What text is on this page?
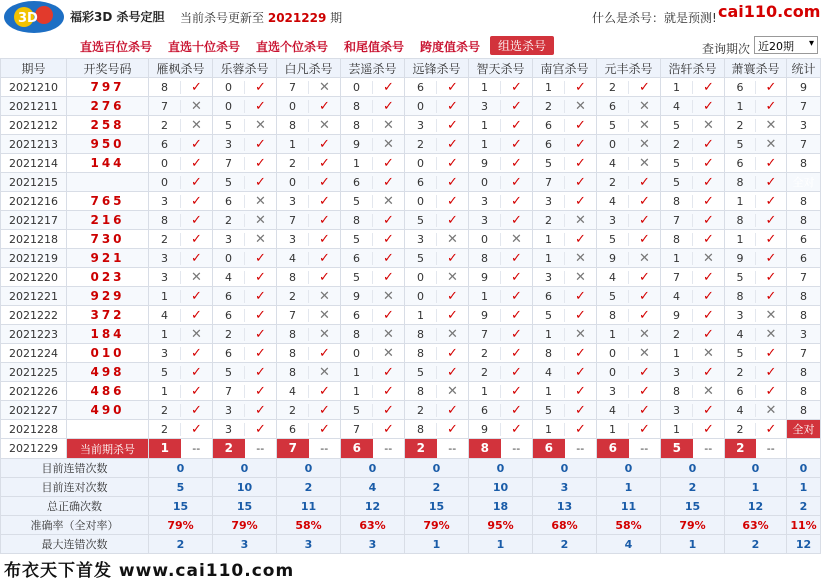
3D	福彩3D 杀号定胆 当前杀号更新至 2021229 期	什么是杀号：就是预测! cai110.com
直选百位杀号 直选十位杀号 直选个位杀号 和尾值杀号 跨度值杀号	组选杀号	查询期次 近20期 ▾
期号	开奖号码	雁枫杀号	乐蓉杀号	白凡杀号	芸遥杀号	远锋杀号	智天杀号	南宫杀号	元丰杀号	浩轩杀号	萧寰杀号	统计
2021210	797	8 ✓	0 ✓	7 ✕	0 ✓	6 ✓	1 ✓	1 ✓	2 ✓	1 ✓	6 ✓	9
2021211	276	7 ✕	0 ✓	0 ✓	8 ✓	0 ✓	3 ✓	2 ✕	6 ✕	4 ✓	1 ✓	7
2021212	258	2 ✕	5 ✕	8 ✕	8 ✕	3 ✓	1 ✓	6 ✓	5 ✕	5 ✕	2 ✕	3
2021213	950	6 ✓	3 ✓	1 ✓	9 ✕	2 ✓	1 ✓	6 ✓	0 ✕	2 ✓	5 ✕	7
2021214	144	0 ✓	7 ✓	2 ✓	1 ✓	0 ✓	9 ✓	5 ✓	4 ✕	5 ✓	6 ✓	8
2021215		0 ✓	5 ✓	0 ✓	6 ✓	6 ✓	0 ✓	7 ✓	2 ✓	5 ✓	8 ✓	全对
2021216	765	3 ✓	6 ✕	3 ✓	5 ✕	0 ✓	3 ✓	3 ✓	4 ✓	8 ✓	1 ✓	8
2021217	216	8 ✓	2 ✕	7 ✓	8 ✓	5 ✓	3 ✓	2 ✕	3 ✓	7 ✓	8 ✓	8
2021218	730	2 ✓	3 ✕	3 ✓	5 ✓	3 ✕	0 ✕	1 ✓	5 ✓	8 ✓	1 ✓	6
2021219	921	3 ✓	0 ✓	4 ✓	6 ✓	5 ✓	8 ✓	1 ✕	9 ✕	1 ✕	9 ✓	6
2021220	023	3 ✕	4 ✓	8 ✓	5 ✓	0 ✕	9 ✓	3 ✕	4 ✓	7 ✓	5 ✓	7
2021221	929	1 ✓	6 ✓	2 ✕	9 ✕	0 ✓	1 ✓	6 ✓	5 ✓	4 ✓	8 ✓	8
2021222	372	4 ✓	6 ✓	7 ✕	6 ✓	1 ✓	9 ✓	5 ✓	8 ✓	9 ✓	3 ✕	8
2021223	184	1 ✕	2 ✓	8 ✕	8 ✕	8 ✕	7 ✓	1 ✕	1 ✕	2 ✓	4 ✕	3
2021224	010	3 ✓	6 ✓	8 ✓	0 ✕	8 ✓	2 ✓	8 ✓	0 ✕	1 ✕	5 ✓	7
2021225	498	5 ✓	5 ✓	8 ✕	1 ✓	5 ✓	2 ✓	4 ✓	0 ✓	3 ✓	2 ✓	8
2021226	486	1 ✓	7 ✓	4 ✓	1 ✓	8 ✕	1 ✓	1 ✓	3 ✓	8 ✕	6 ✓	8
2021227	490	2 ✓	3 ✓	2 ✓	5 ✓	2 ✓	6 ✓	5 ✓	4 ✓	3 ✓	4 ✕	8
2021228		2 ✓	3 ✓	6 ✓	7 ✓	8 ✓	9 ✓	1 ✓	1 ✓	1 ✓	2 ✓	全对
2021229	当前期杀号	1 --	2 --	7 --	6 --	2 --	8 --	6 --	6 --	5 --	2 --	

目前连错次数		0	0	0	0	0	0	0	0	0	0	0
目前连对次数		5	10	2	4	2	10	3	1	2	1	1
总正确次数		15	15	11	12	15	18	13	11	15	12	2
准确率（全对率）		79%	79%	58%	63%	79%	95%	68%	58%	79%	63%	11%
最大连错次数		2	3	3	3	1	1	2	4	1	2	12

布衣天下首发 www.cai110.com
